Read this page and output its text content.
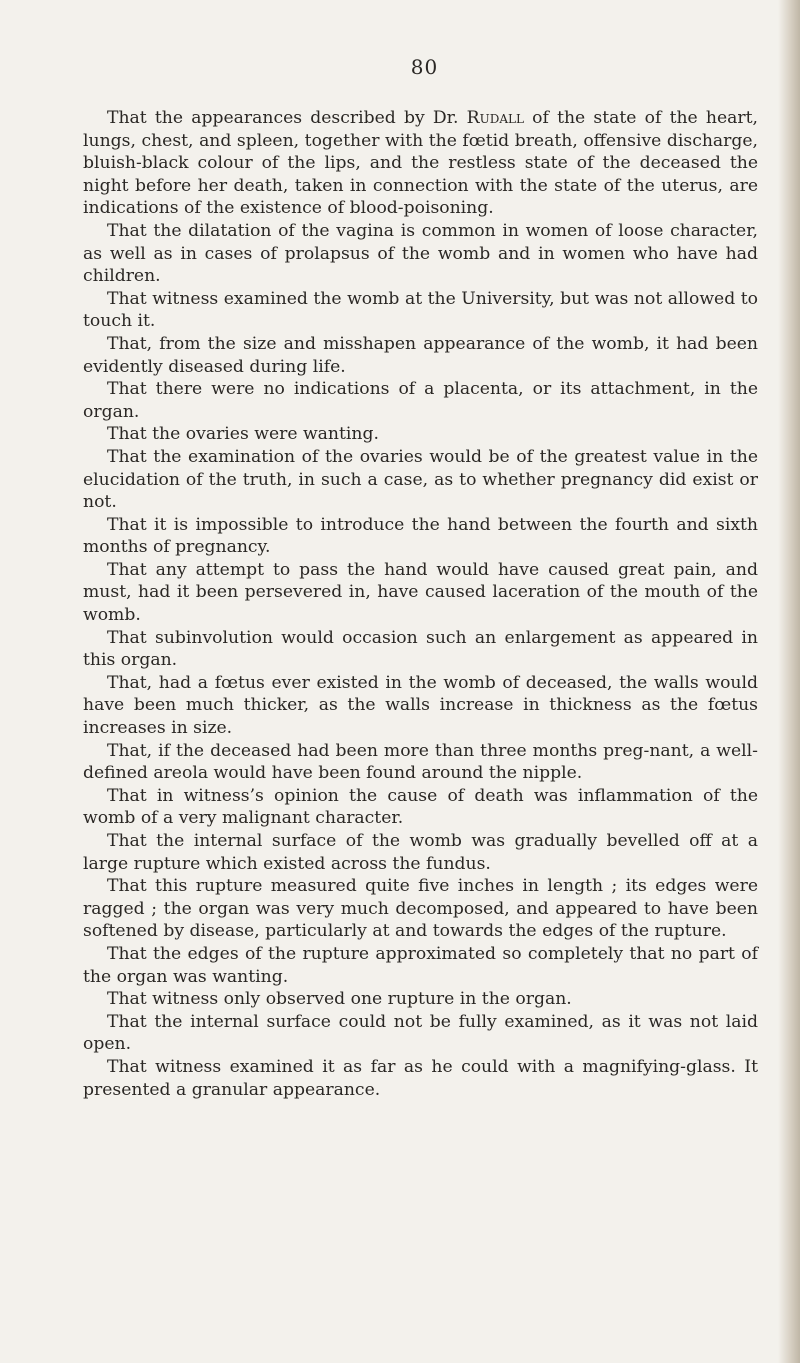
80

That the appearances described by Dr. Rudall of the state of the heart, lungs, chest, and spleen, together with the fœtid breath, offensive discharge, bluish-black colour of the lips, and the restless state of the deceased the night before her death, taken in connection with the state of the uterus, are indications of the existence of blood-poisoning.

That the dilatation of the vagina is common in women of loose character, as well as in cases of prolapsus of the womb and in women who have had children.

That witness examined the womb at the University, but was not allowed to touch it.

That, from the size and misshapen appearance of the womb, it had been evidently diseased during life.

That there were no indications of a placenta, or its attachment, in the organ.

That the ovaries were wanting.

That the examination of the ovaries would be of the greatest value in the elucidation of the truth, in such a case, as to whether pregnancy did exist or not.

That it is impossible to introduce the hand between the fourth and sixth months of pregnancy.

That any attempt to pass the hand would have caused great pain, and must, had it been persevered in, have caused laceration of the mouth of the womb.

That subinvolution would occasion such an enlargement as appeared in this organ.

That, had a fœtus ever existed in the womb of deceased, the walls would have been much thicker, as the walls increase in thickness as the fœtus increases in size.

That, if the deceased had been more than three months preg-nant, a well-defined areola would have been found around the nipple.

That in witness’s opinion the cause of death was inflammation of the womb of a very malignant character.

That the internal surface of the womb was gradually bevelled off at a large rupture which existed across the fundus.

That this rupture measured quite five inches in length ; its edges were ragged ; the organ was very much decomposed, and appeared to have been softened by disease, particularly at and towards the edges of the rupture.

That the edges of the rupture approximated so completely that no part of the organ was wanting.

That witness only observed one rupture in the organ.

That the internal surface could not be fully examined, as it was not laid open.

That witness examined it as far as he could with a magnifying-glass. It presented a granular appearance.
